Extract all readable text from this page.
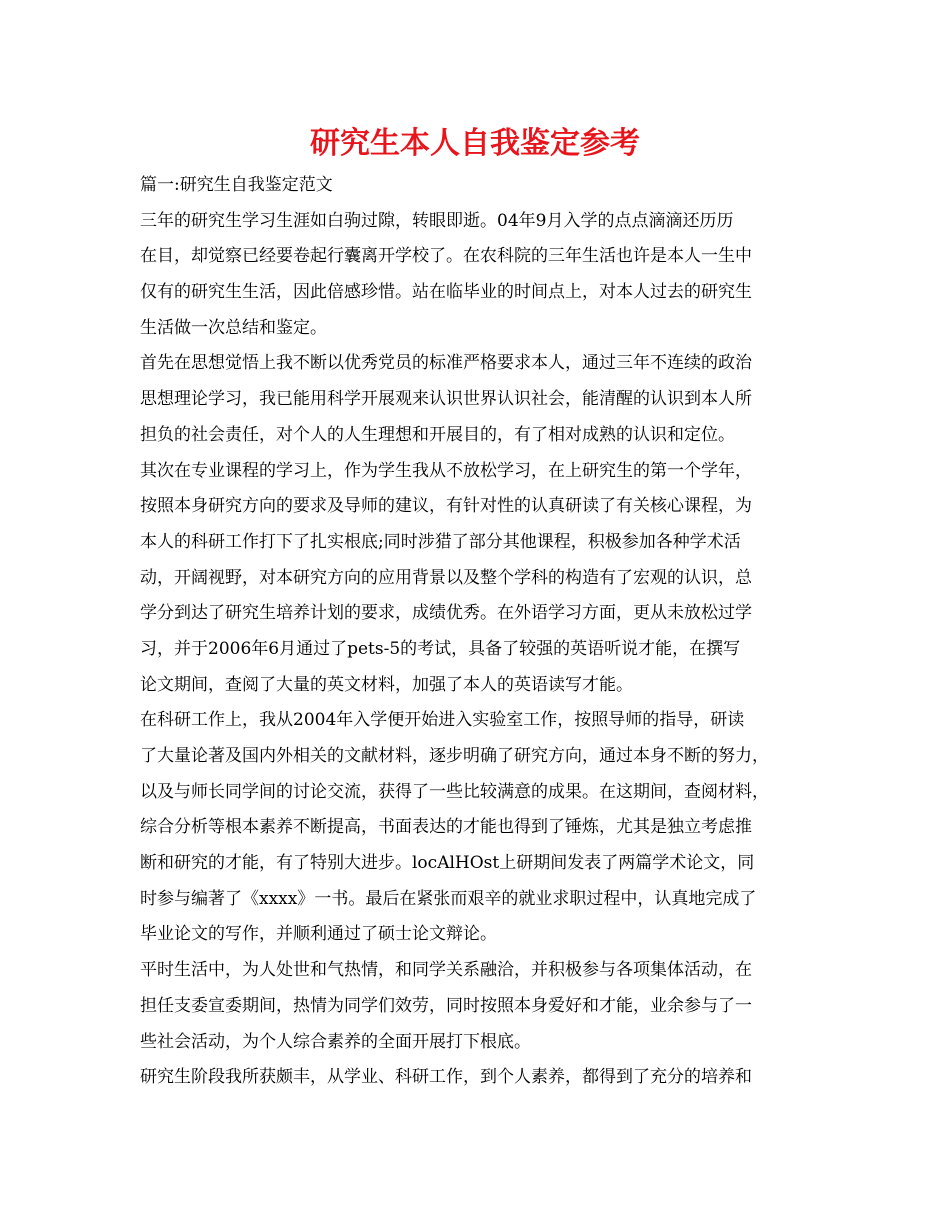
研究生本人自我鉴定参考
篇一:研究生自我鉴定范文
三年的研究生学习生涯如白驹过隙，转眼即逝。04年9月入学的点点滴滴还历历
在目，却觉察已经要卷起行囊离开学校了。在农科院的三年生活也许是本人一生中
仅有的研究生生活，因此倍感珍惜。站在临毕业的时间点上，对本人过去的研究生
生活做一次总结和鉴定。
首先在思想觉悟上我不断以优秀党员的标准严格要求本人，通过三年不连续的政治
思想理论学习，我已能用科学开展观来认识世界认识社会，能清醒的认识到本人所
担负的社会责任，对个人的人生理想和开展目的，有了相对成熟的认识和定位。
其次在专业课程的学习上，作为学生我从不放松学习，在上研究生的第一个学年，
按照本身研究方向的要求及导师的建议，有针对性的认真研读了有关核心课程，为
本人的科研工作打下了扎实根底;同时涉猎了部分其他课程，积极参加各种学术活
动，开阔视野，对本研究方向的应用背景以及整个学科的构造有了宏观的认识，总
学分到达了研究生培养计划的要求，成绩优秀。在外语学习方面，更从未放松过学
习，并于2006年6月通过了pets-5的考试，具备了较强的英语听说才能，在撰写
论文期间，查阅了大量的英文材料，加强了本人的英语读写才能。
在科研工作上，我从2004年入学便开始进入实验室工作，按照导师的指导，研读
了大量论著及国内外相关的文献材料，逐步明确了研究方向，通过本身不断的努力，
以及与师长同学间的讨论交流，获得了一些比较满意的成果。在这期间，查阅材料，
综合分析等根本素养不断提高，书面表达的才能也得到了锤炼，尤其是独立考虑推
断和研究的才能，有了特别大进步。locAlHOst上研期间发表了两篇学术论文，同
时参与编著了《xxxx》一书。最后在紧张而艰辛的就业求职过程中，认真地完成了
毕业论文的写作，并顺利通过了硕士论文辩论。
平时生活中，为人处世和气热情，和同学关系融洽，并积极参与各项集体活动，在
担任支委宣委期间，热情为同学们效劳，同时按照本身爱好和才能，业余参与了一
些社会活动，为个人综合素养的全面开展打下根底。
研究生阶段我所获颇丰，从学业、科研工作，到个人素养，都得到了充分的培养和
